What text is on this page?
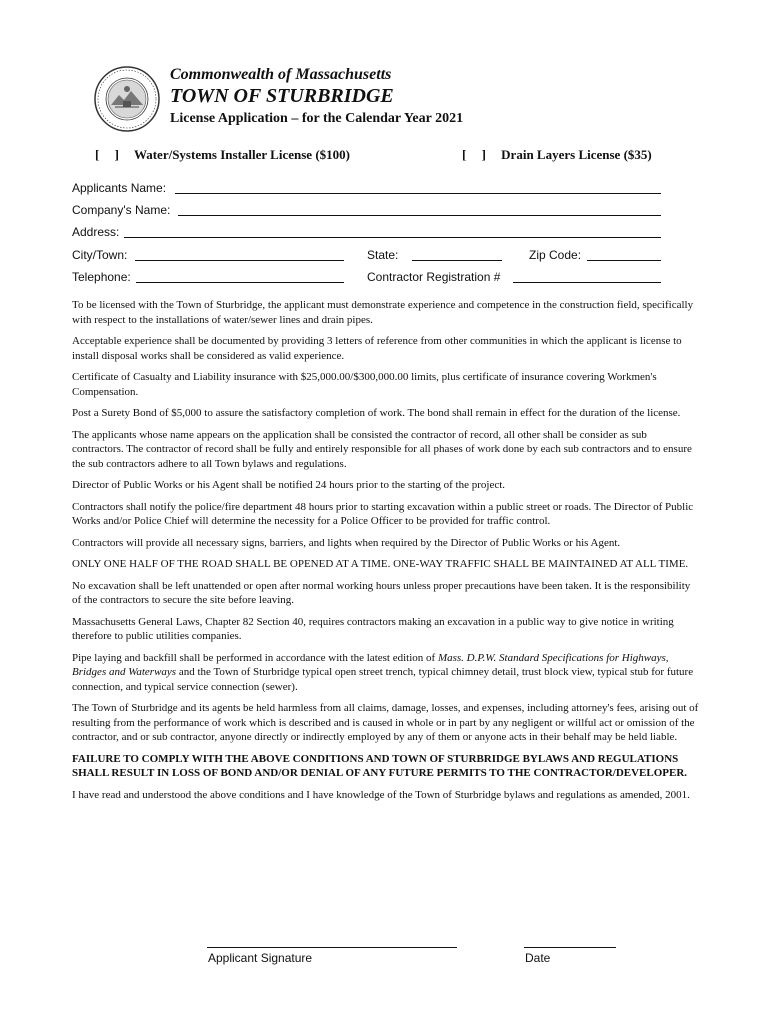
Commonwealth of Massachusetts
TOWN OF STURBRIDGE
License Application – for the Calendar Year 2021
[ ] Water/Systems Installer License ($100)	[ ] Drain Layers License ($35)
Applicants Name:
Company's Name:
Address:
City/Town:	State:	Zip Code:
Telephone:	Contractor Registration #

To be licensed with the Town of Sturbridge, the applicant must demonstrate experience and competence in the construction field, specifically with respect to the installations of water/sewer lines and drain pipes.

Acceptable experience shall be documented by providing 3 letters of reference from other communities in which the applicant is license to install disposal works shall be considered as valid experience.

Certificate of Casualty and Liability insurance with $25,000.00/$300,000.00 limits, plus certificate of insurance covering Workmen's Compensation.

Post a Surety Bond of $5,000 to assure the satisfactory completion of work. The bond shall remain in effect for the duration of the license.

The applicants whose name appears on the application shall be consisted the contractor of record, all other shall be consider as sub contractors. The contractor of record shall be fully and entirely responsible for all phases of work done by each sub contractors and to ensure the sub contractors adhere to all Town bylaws and regulations.

Director of Public Works or his Agent shall be notified 24 hours prior to the starting of the project.

Contractors shall notify the police/fire department 48 hours prior to starting excavation within a public street or roads. The Director of Public Works and/or Police Chief will determine the necessity for a Police Officer to be provided for traffic control.

Contractors will provide all necessary signs, barriers, and lights when required by the Director of Public Works or his Agent.

ONLY ONE HALF OF THE ROAD SHALL BE OPENED AT A TIME. ONE-WAY TRAFFIC SHALL BE MAINTAINED AT ALL TIME.

No excavation shall be left unattended or open after normal working hours unless proper precautions have been taken. It is the responsibility of the contractors to secure the site before leaving.

Massachusetts General Laws, Chapter 82 Section 40, requires contractors making an excavation in a public way to give notice in writing therefore to public utilities companies.

Pipe laying and backfill shall be performed in accordance with the latest edition of Mass. D.P.W. Standard Specifications for Highways, Bridges and Waterways and the Town of Sturbridge typical open street trench, typical chimney detail, trust block view, typical stub for future connection, and typical service connection (sewer).

The Town of Sturbridge and its agents be held harmless from all claims, damage, losses, and expenses, including attorney's fees, arising out of resulting from the performance of work which is described and is caused in whole or in part by any negligent or willful act or omission of the contractor, and or sub contractor, anyone directly or indirectly employed by any of them or anyone acts in their behalf may be held liable.

FAILURE TO COMPLY WITH THE ABOVE CONDITIONS AND TOWN OF STURBRIDGE BYLAWS AND REGULATIONS SHALL RESULT IN LOSS OF BOND AND/OR DENIAL OF ANY FUTURE PERMITS TO THE CONTRACTOR/DEVELOPER.

I have read and understood the above conditions and I have knowledge of the Town of Sturbridge bylaws and regulations as amended, 2001.

Applicant Signature	Date
